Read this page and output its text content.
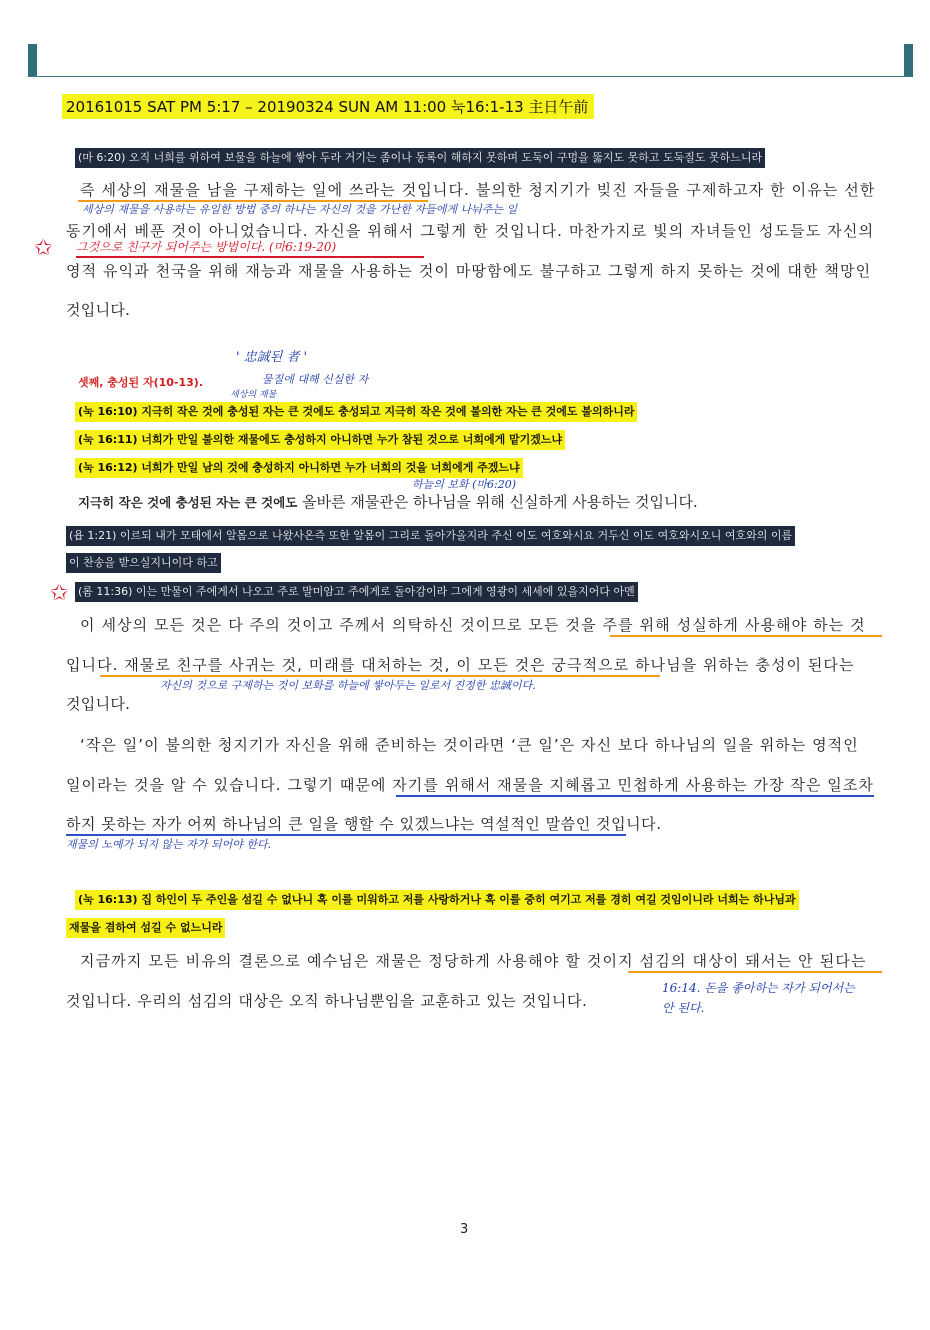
20161015 SAT PM 5:17 – 20190324 SUN AM 11:00 눅16:1-13 主日午前
(마 6:20) 오직 너희를 위하여 보물을 하늘에 쌓아 두라 거기는 좀이나 동록이 해하지 못하며 도둑이 구멍을 뚫지도 못하고 도둑질도 못하느니라
즉 세상의 재물을 남을 구제하는 일에 쓰라는 것입니다. 불의한 청지기가 빚진 자들을 구제하고자 한 이유는 선한
세상의 재물을 사용하는 유일한 방법 중의 하나는 자신의 것을 가난한 자들에게 나눠주는 일
동기에서 베푼 것이 아니었습니다. 자신을 위해서 그렇게 한 것입니다. 마찬가지로 빛의 자녀들인 성도들도 자신의
✩ 그것으로 친구가 되어주는 방법이다. (마6:19-20)
영적 유익과 천국을 위해 재능과 재물을 사용하는 것이 마땅함에도 불구하고 그렇게 하지 못하는 것에 대한 책망인
것입니다.
' 忠誠된 者 '
물질에 대해 신실한 자
셋째, 충성된 자(10-13).
세상의 재물
(눅 16:10) 지극히 작은 것에 충성된 자는 큰 것에도 충성되고 지극히 작은 것에 불의한 자는 큰 것에도 불의하니라
(눅 16:11) 너희가 만일 불의한 재물에도 충성하지 아니하면 누가 참된 것으로 너희에게 맡기겠느냐
(눅 16:12) 너희가 만일 남의 것에 충성하지 아니하면 누가 너희의 것을 너희에게 주겠느냐
하늘의 보화 (마6:20)
지극히 작은 것에 충성된 자는 큰 것에도 올바른 재물관은 하나님을 위해 신실하게 사용하는 것입니다.
(욥 1:21) 이르되 내가 모태에서 알몸으로 나왔사온즉 또한 알몸이 그리로 돌아가올지라 주신 이도 여호와시요 거두신 이도 여호와시오니 여호와의 이름
이 찬송을 받으실지니이다 하고
✩ (롬 11:36) 이는 만물이 주에게서 나오고 주로 말미암고 주에게로 돌아감이라 그에게 영광이 세세에 있을지어다 아멘
이 세상의 모든 것은 다 주의 것이고 주께서 의탁하신 것이므로 모든 것을 주를 위해 성실하게 사용해야 하는 것
입니다. 재물로 친구를 사귀는 것, 미래를 대처하는 것, 이 모든 것은 궁극적으로 하나님을 위하는 충성이 된다는
자신의 것으로 구제하는 것이 보화를 하늘에 쌓아두는 일로서 진정한 忠誠이다.
것입니다.
‘작은 일’이 불의한 청지기가 자신을 위해 준비하는 것이라면 ‘큰 일’은 자신 보다 하나님의 일을 위하는 영적인
일이라는 것을 알 수 있습니다. 그렇기 때문에 자기를 위해서 재물을 지혜롭고 민첩하게 사용하는 가장 작은 일조차
하지 못하는 자가 어찌 하나님의 큰 일을 행할 수 있겠느냐는 역설적인 말씀인 것입니다.
재물의 노예가 되지 않는 자가 되어야 한다.
(눅 16:13) 집 하인이 두 주인을 섬길 수 없나니 혹 이를 미워하고 저를 사랑하거나 혹 이를 중히 여기고 저를 경히 여길 것임이니라 너희는 하나님과
재물을 겸하여 섬길 수 없느니라
지금까지 모든 비유의 결론으로 예수님은 재물은 정당하게 사용해야 할 것이지 섬김의 대상이 돼서는 안 된다는
것입니다. 우리의 섬김의 대상은 오직 하나님뿐임을 교훈하고 있는 것입니다.
16:14. 돈을 좋아하는 자가 되어서는 안 된다.
3
